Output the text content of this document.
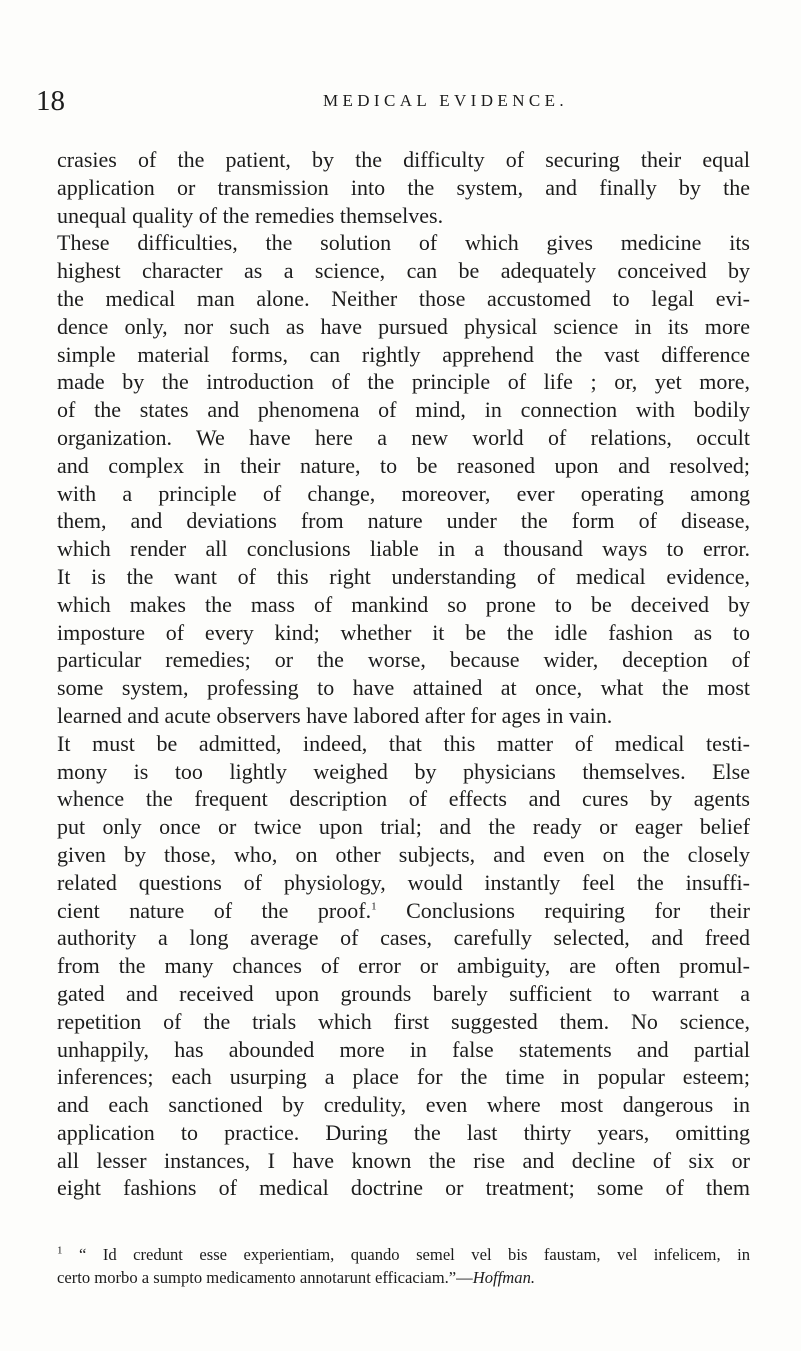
18	MEDICAL EVIDENCE.
crasies of the patient, by the difficulty of securing their equal
application or transmission into the system, and finally by the
unequal quality of the remedies themselves.
These difficulties, the solution of which gives medicine its
highest character as a science, can be adequately conceived by
the medical man alone. Neither those accustomed to legal evi-
dence only, nor such as have pursued physical science in its more
simple material forms, can rightly apprehend the vast difference
made by the introduction of the principle of life ; or, yet more,
of the states and phenomena of mind, in connection with bodily
organization. We have here a new world of relations, occult
and complex in their nature, to be reasoned upon and resolved;
with a principle of change, moreover, ever operating among
them, and deviations from nature under the form of disease,
which render all conclusions liable in a thousand ways to error.
It is the want of this right understanding of medical evidence,
which makes the mass of mankind so prone to be deceived by
imposture of every kind; whether it be the idle fashion as to
particular remedies; or the worse, because wider, deception of
some system, professing to have attained at once, what the most
learned and acute observers have labored after for ages in vain.
It must be admitted, indeed, that this matter of medical testi-
mony is too lightly weighed by physicians themselves. Else
whence the frequent description of effects and cures by agents
put only once or twice upon trial; and the ready or eager belief
given by those, who, on other subjects, and even on the closely
related questions of physiology, would instantly feel the insuffi-
cient nature of the proof.$^1$ Conclusions requiring for their
authority a long average of cases, carefully selected, and freed
from the many chances of error or ambiguity, are often promul-
gated and received upon grounds barely sufficient to warrant a
repetition of the trials which first suggested them. No science,
unhappily, has abounded more in false statements and partial
inferences; each usurping a place for the time in popular esteem;
and each sanctioned by credulity, even where most dangerous in
application to practice. During the last thirty years, omitting
all lesser instances, I have known the rise and decline of six or
eight fashions of medical doctrine or treatment; some of them
$^1$ “ Id credunt esse experientiam, quando semel vel bis faustam, vel infelicem, in
certo morbo a sumpto medicamento annotarunt efficaciam.”—Hoffman.
